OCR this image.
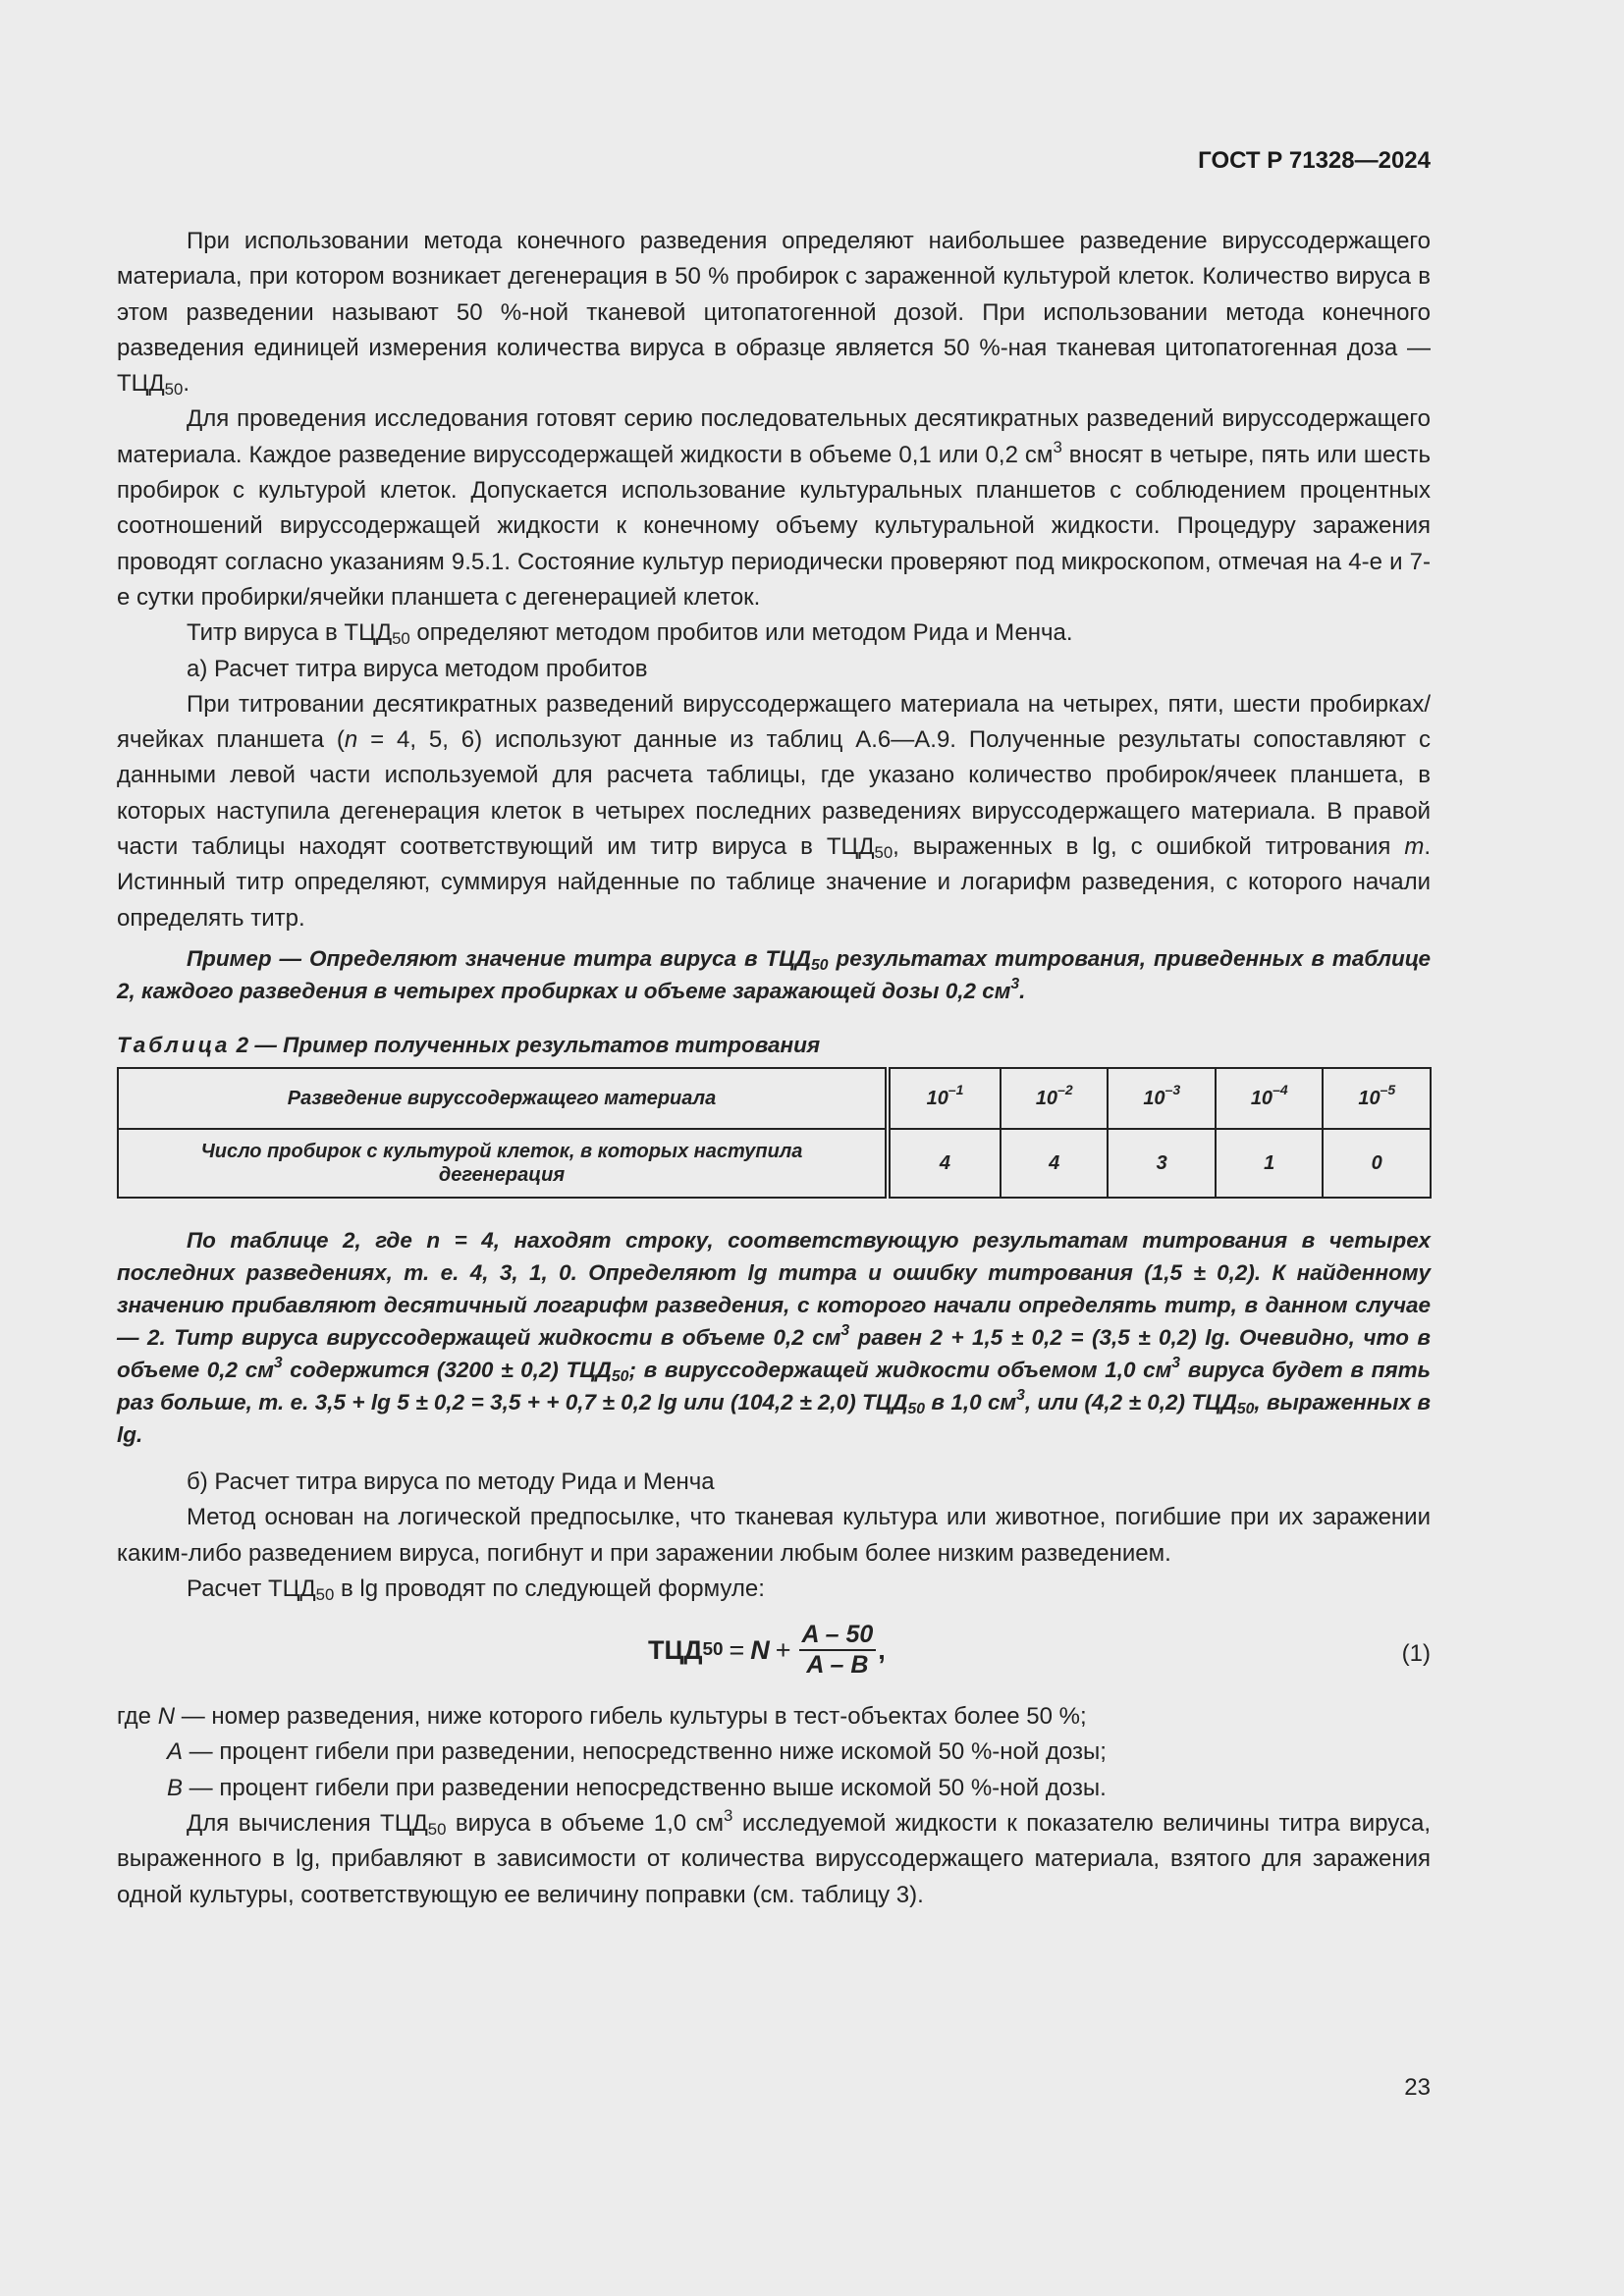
ГОСТ Р 71328—2024

При использовании метода конечного разведения определяют наибольшее разведение вируссодержащего материала, при котором возникает дегенерация в 50 % пробирок с зараженной культурой клеток. Количество вируса в этом разведении называют 50 %-ной тканевой цитопатогенной дозой. При использовании метода конечного разведения единицей измерения количества вируса в образце является 50 %-ная тканевая цитопатогенная доза — $ТЦД_{50}$.

Для проведения исследования готовят серию последовательных десятикратных разведений вируссодержащего материала. Каждое разведение вируссодержащей жидкости в объеме 0,1 или 0,2 $см^3$ вносят в четыре, пять или шесть пробирок с культурой клеток. Допускается использование культуральных планшетов с соблюдением процентных соотношений вируссодержащей жидкости к конечному объему культуральной жидкости. Процедуру заражения проводят согласно указаниям 9.5.1. Состояние культур периодически проверяют под микроскопом, отмечая на 4-е и 7-е сутки пробирки/ячейки планшета с дегенерацией клеток.

Титр вируса в $ТЦД_{50}$ определяют методом пробитов или методом Рида и Менча.

а) Расчет титра вируса методом пробитов

При титровании десятикратных разведений вируссодержащего материала на четырех, пяти, шести пробирках/ячейках планшета (n = 4, 5, 6) используют данные из таблиц А.6—А.9. Полученные результаты сопоставляют с данными левой части используемой для расчета таблицы, где указано количество пробирок/ячеек планшета, в которых наступила дегенерация клеток в четырех последних разведениях вируссодержащего материала. В правой части таблицы находят соответствующий им титр вируса в $ТЦД_{50}$, выраженных в lg, с ошибкой титрования m. Истинный титр определяют, суммируя найденные по таблице значение и логарифм разведения, с которого начали определять титр.

Пример — Определяют значение титра вируса в $ТЦД_{50}$ результатах титрования, приведенных в таблице 2, каждого разведения в четырех пробирках и объеме заражающей дозы 0,2 $см^3$.

Таблица 2 — Пример полученных результатов титрования

Разведение вируссодержащего материала	$10^{-1}$	$10^{-2}$	$10^{-3}$	$10^{-4}$	$10^{-5}$
Число пробирок с культурой клеток, в которых наступила дегенерация	4	4	3	1	0

По таблице 2, где n = 4, находят строку, соответствующую результатам титрования в четырех последних разведениях, т. е. 4, 3, 1, 0. Определяют lg титра и ошибку титрования (1,5 ± 0,2). К найденному значению прибавляют десятичный логарифм разведения, с которого начали определять титр, в данном случае — 2. Титр вируса вируссодержащей жидкости в объеме 0,2 $см^3$ равен 2 + 1,5 ± 0,2 = (3,5 ± 0,2) lg. Очевидно, что в объеме 0,2 $см^3$ содержится (3200 ± 0,2) $ТЦД_{50}$; в вируссодержащей жидкости объемом 1,0 $см^3$ вируса будет в пять раз больше, т. е. 3,5 + lg 5 ± 0,2 = 3,5 + + 0,7 ± 0,2 lg или (104,2 ± 2,0) $ТЦД_{50}$ в 1,0 $см^3$, или (4,2 ± 0,2) $ТЦД_{50}$, выраженных в lg.

б) Расчет титра вируса по методу Рида и Менча

Метод основан на логической предпосылке, что тканевая культура или животное, погибшие при их заражении каким-либо разведением вируса, погибнут и при заражении любым более низким разведением.

Расчет $ТЦД_{50}$ в lg проводят по следующей формуле:

ТЦД $50 = N + \frac{A - 50}{A - B}$ ,	(1)

где N — номер разведения, ниже которого гибель культуры в тест-объектах более 50 %;

A — процент гибели при разведении, непосредственно ниже искомой 50 %-ной дозы;

B — процент гибели при разведении непосредственно выше искомой 50 %-ной дозы.

Для вычисления $ТЦД_{50}$ вируса в объеме 1,0 $см^3$ исследуемой жидкости к показателю величины титра вируса, выраженного в lg, прибавляют в зависимости от количества вируссодержащего материала, взятого для заражения одной культуры, соответствующую ее величину поправки (см. таблицу 3).

23
